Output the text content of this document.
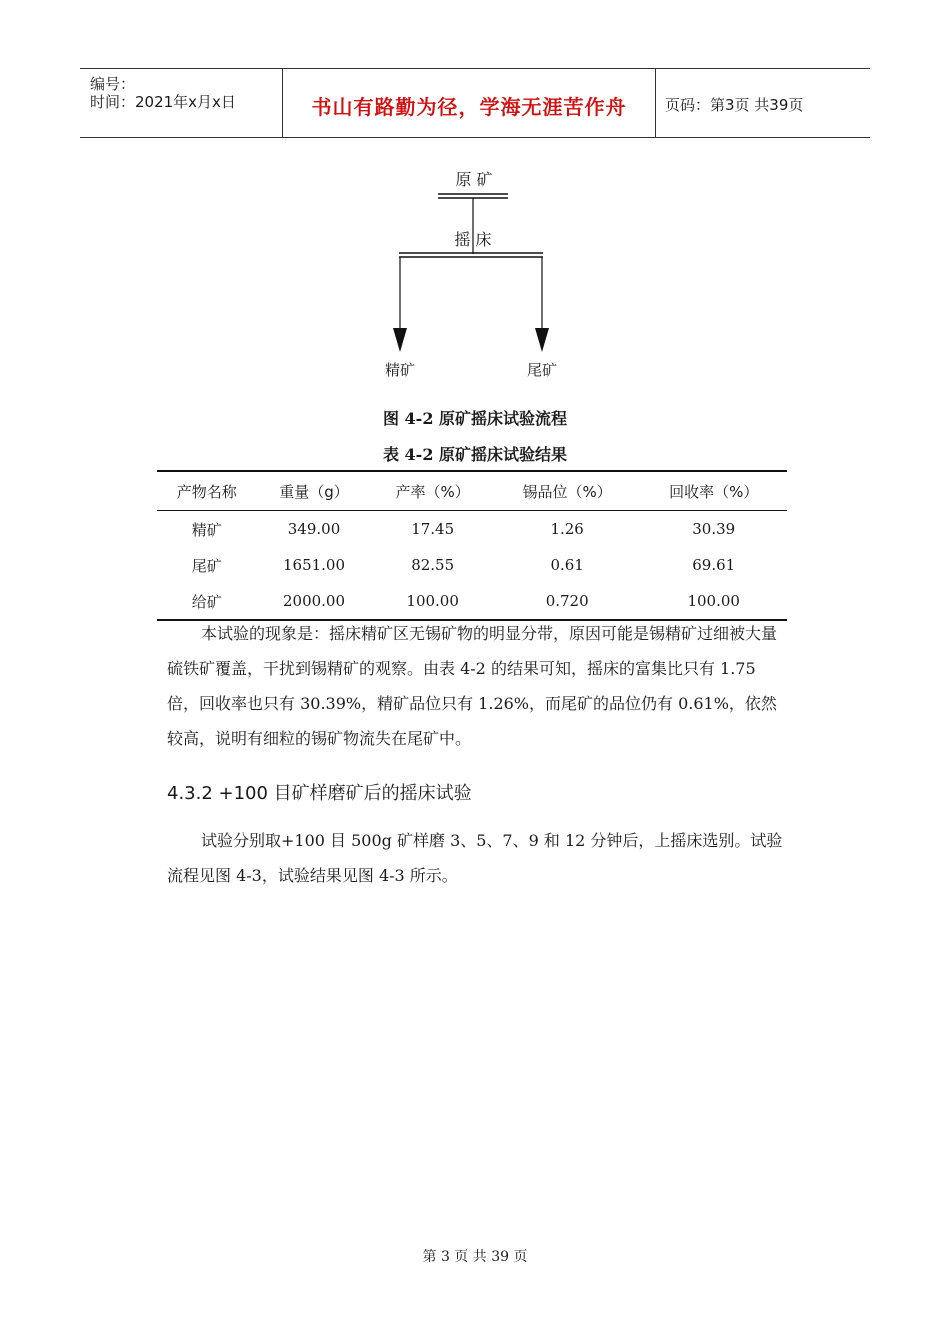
编号：
时间：2021年x月x日	书山有路勤为径，学海无涯苦作舟	页码：第3页 共39页
原 矿
摇 床
精矿	尾矿
图 4-2 原矿摇床试验流程
表 4-2 原矿摇床试验结果
产物名称	重量（g）	产率（%）	锡品位（%）	回收率（%）
精矿	349.00	17.45	1.26	30.39
尾矿	1651.00	82.55	0.61	69.61
给矿	2000.00	100.00	0.720	100.00
本试验的现象是：摇床精矿区无锡矿物的明显分带，原因可能是锡精矿过细被大量硫铁矿覆盖，干扰到锡精矿的观察。由表 4-2 的结果可知，摇床的富集比只有 1.75 倍，回收率也只有 30.39%，精矿品位只有 1.26%，而尾矿的品位仍有 0.61%，依然较高，说明有细粒的锡矿物流失在尾矿中。
4.3.2 +100 目矿样磨矿后的摇床试验
试验分别取+100 目 500g 矿样磨 3、5、7、9 和 12 分钟后，上摇床选别。试验流程见图 4-3，试验结果见图 4-3 所示。
第 3 页 共 39 页
